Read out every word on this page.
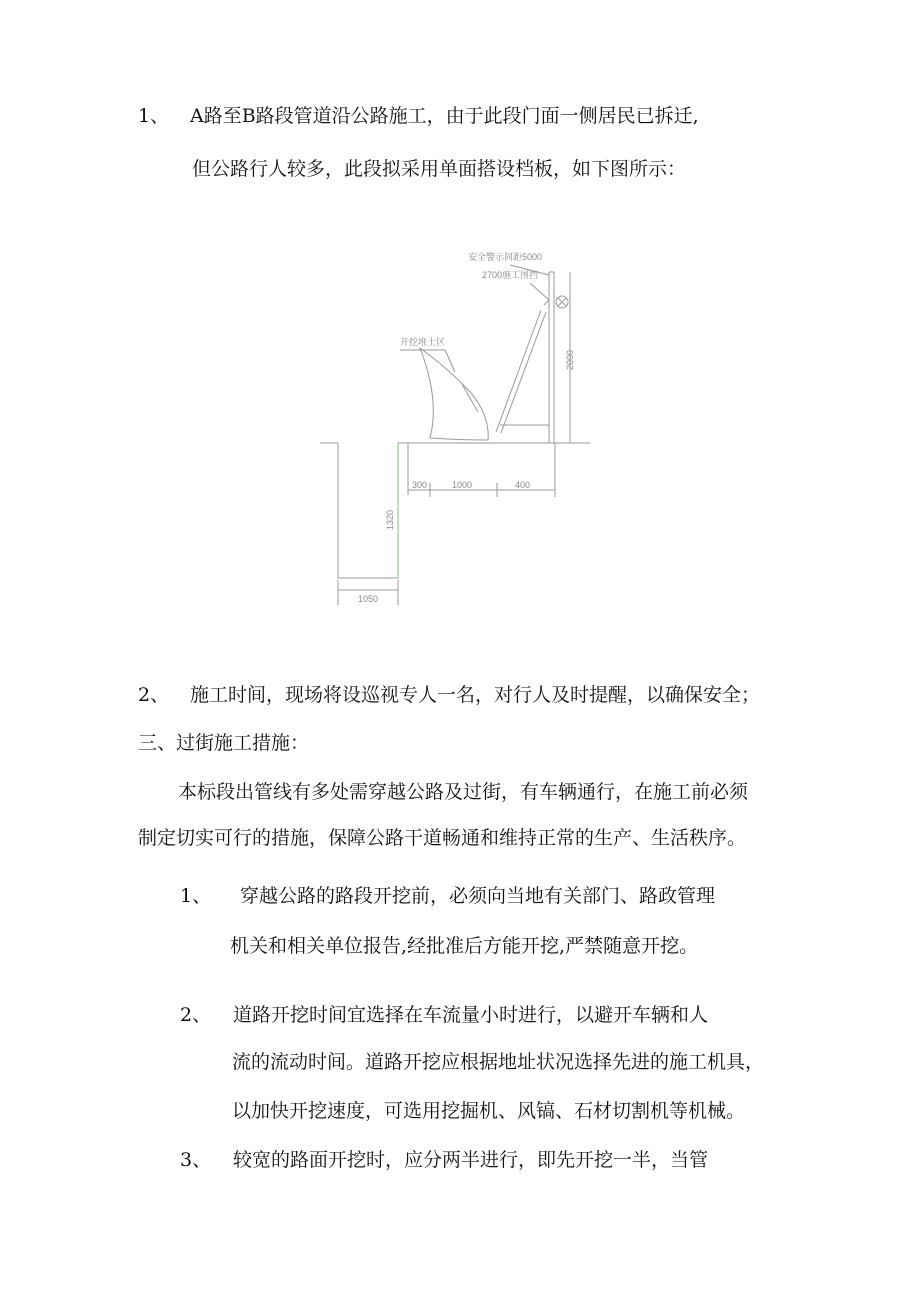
1、 A路至B路段管道沿公路施工，由于此段门面一侧居民已拆迁,
但公路行人较多，此段拟采用单面搭设档板，如下图所示：
安全警示间距5000
2700施工围挡
开挖堆土区
2000
300	1000	400
1320
1050
2、 施工时间，现场将设巡视专人一名，对行人及时提醒，以确保安全；
三、过街施工措施：
本标段出管线有多处需穿越公路及过街，有车辆通行，在施工前必须
制定切实可行的措施，保障公路干道畅通和维持正常的生产、生活秩序。
1、 穿越公路的路段开挖前，必须向当地有关部门、路政管理
机关和相关单位报告,经批准后方能开挖,严禁随意开挖。
2、 道路开挖时间宜选择在车流量小时进行，以避开车辆和人
流的流动时间。道路开挖应根据地址状况选择先进的施工机具，
以加快开挖速度，可选用挖掘机、风镐、石材切割机等机械。
3、 较宽的路面开挖时，应分两半进行，即先开挖一半，当管
